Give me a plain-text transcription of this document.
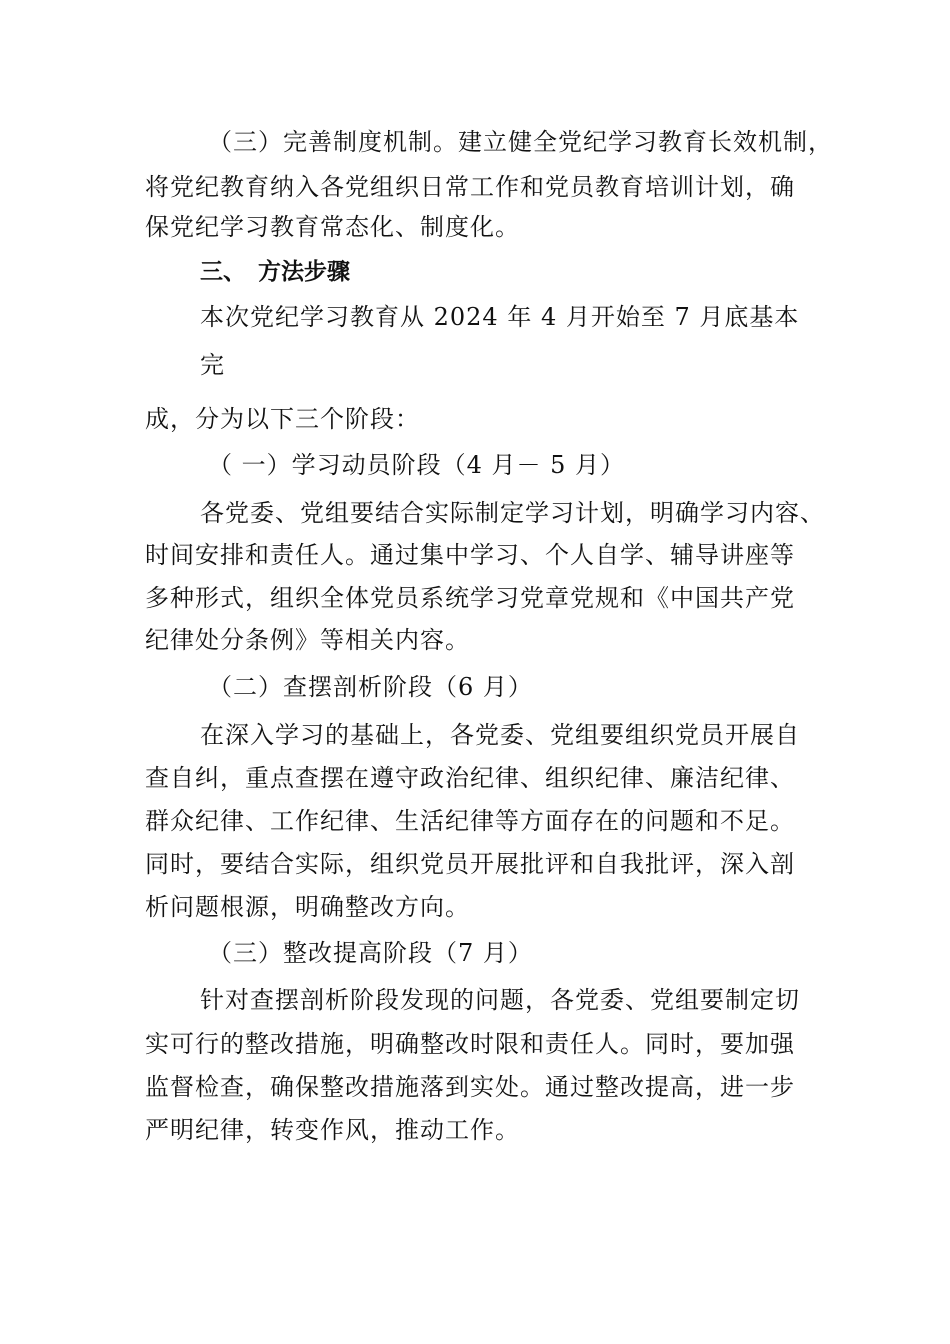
（三）完善制度机制。建立健全党纪学习教育长效机制，
将党纪教育纳入各党组织日常工作和党员教育培训计划，确
保党纪学习教育常态化、制度化。
三、 方法步骤
本次党纪学习教育从 2024 年 4 月开始至 7 月底基本
完
成，分为以下三个阶段：
（ 一）学习动员阶段（4 月－ 5 月）
各党委、党组要结合实际制定学习计划，明确学习内容、
时间安排和责任人。通过集中学习、个人自学、辅导讲座等
多种形式，组织全体党员系统学习党章党规和《中国共产党
纪律处分条例》等相关内容。
（二）查摆剖析阶段（6 月）
在深入学习的基础上，各党委、党组要组织党员开展自
查自纠，重点查摆在遵守政治纪律、组织纪律、廉洁纪律、
群众纪律、工作纪律、生活纪律等方面存在的问题和不足。
同时，要结合实际，组织党员开展批评和自我批评，深入剖
析问题根源，明确整改方向。
（三）整改提高阶段（7 月）
针对查摆剖析阶段发现的问题，各党委、党组要制定切
实可行的整改措施，明确整改时限和责任人。同时，要加强
监督检查，确保整改措施落到实处。通过整改提高，进一步
严明纪律，转变作风，推动工作。
